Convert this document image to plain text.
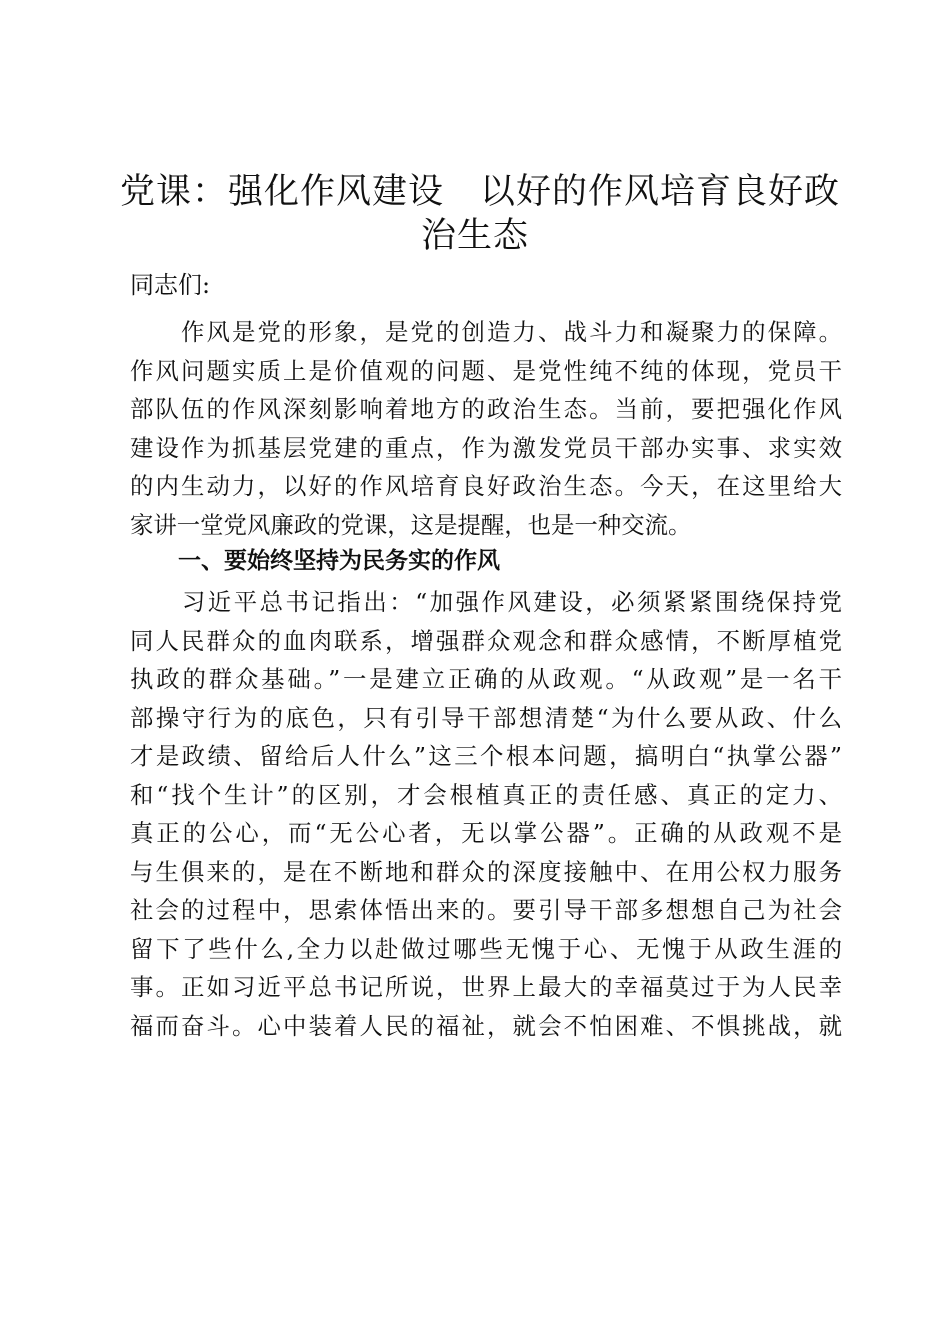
党课：强化作风建设　以好的作风培育良好政
治生态
同志们:
　　作风是党的形象，是党的创造力、战斗力和凝聚力的保障。
作风问题实质上是价值观的问题、是党性纯不纯的体现，党员干
部队伍的作风深刻影响着地方的政治生态。当前，要把强化作风
建设作为抓基层党建的重点，作为激发党员干部办实事、求实效
的内生动力，以好的作风培育良好政治生态。今天，在这里给大
家讲一堂党风廉政的党课，这是提醒，也是一种交流。
一、要始终坚持为民务实的作风
　　习近平总书记指出：“加强作风建设，必须紧紧围绕保持党
同人民群众的血肉联系，增强群众观念和群众感情，不断厚植党
执政的群众基础。”一是建立正确的从政观。“从政观”是一名干
部操守行为的底色，只有引导干部想清楚“为什么要从政、什么
才是政绩、留给后人什么”这三个根本问题，搞明白“执掌公器”
和“找个生计”的区别，才会根植真正的责任感、真正的定力、
真正的公心，而“无公心者，无以掌公器”。正确的从政观不是
与生俱来的，是在不断地和群众的深度接触中、在用公权力服务
社会的过程中，思索体悟出来的。要引导干部多想想自己为社会
留下了些什么,全力以赴做过哪些无愧于心、无愧于从政生涯的
事。正如习近平总书记所说，世界上最大的幸福莫过于为人民幸
福而奋斗。心中装着人民的福祉，就会不怕困难、不惧挑战，就
